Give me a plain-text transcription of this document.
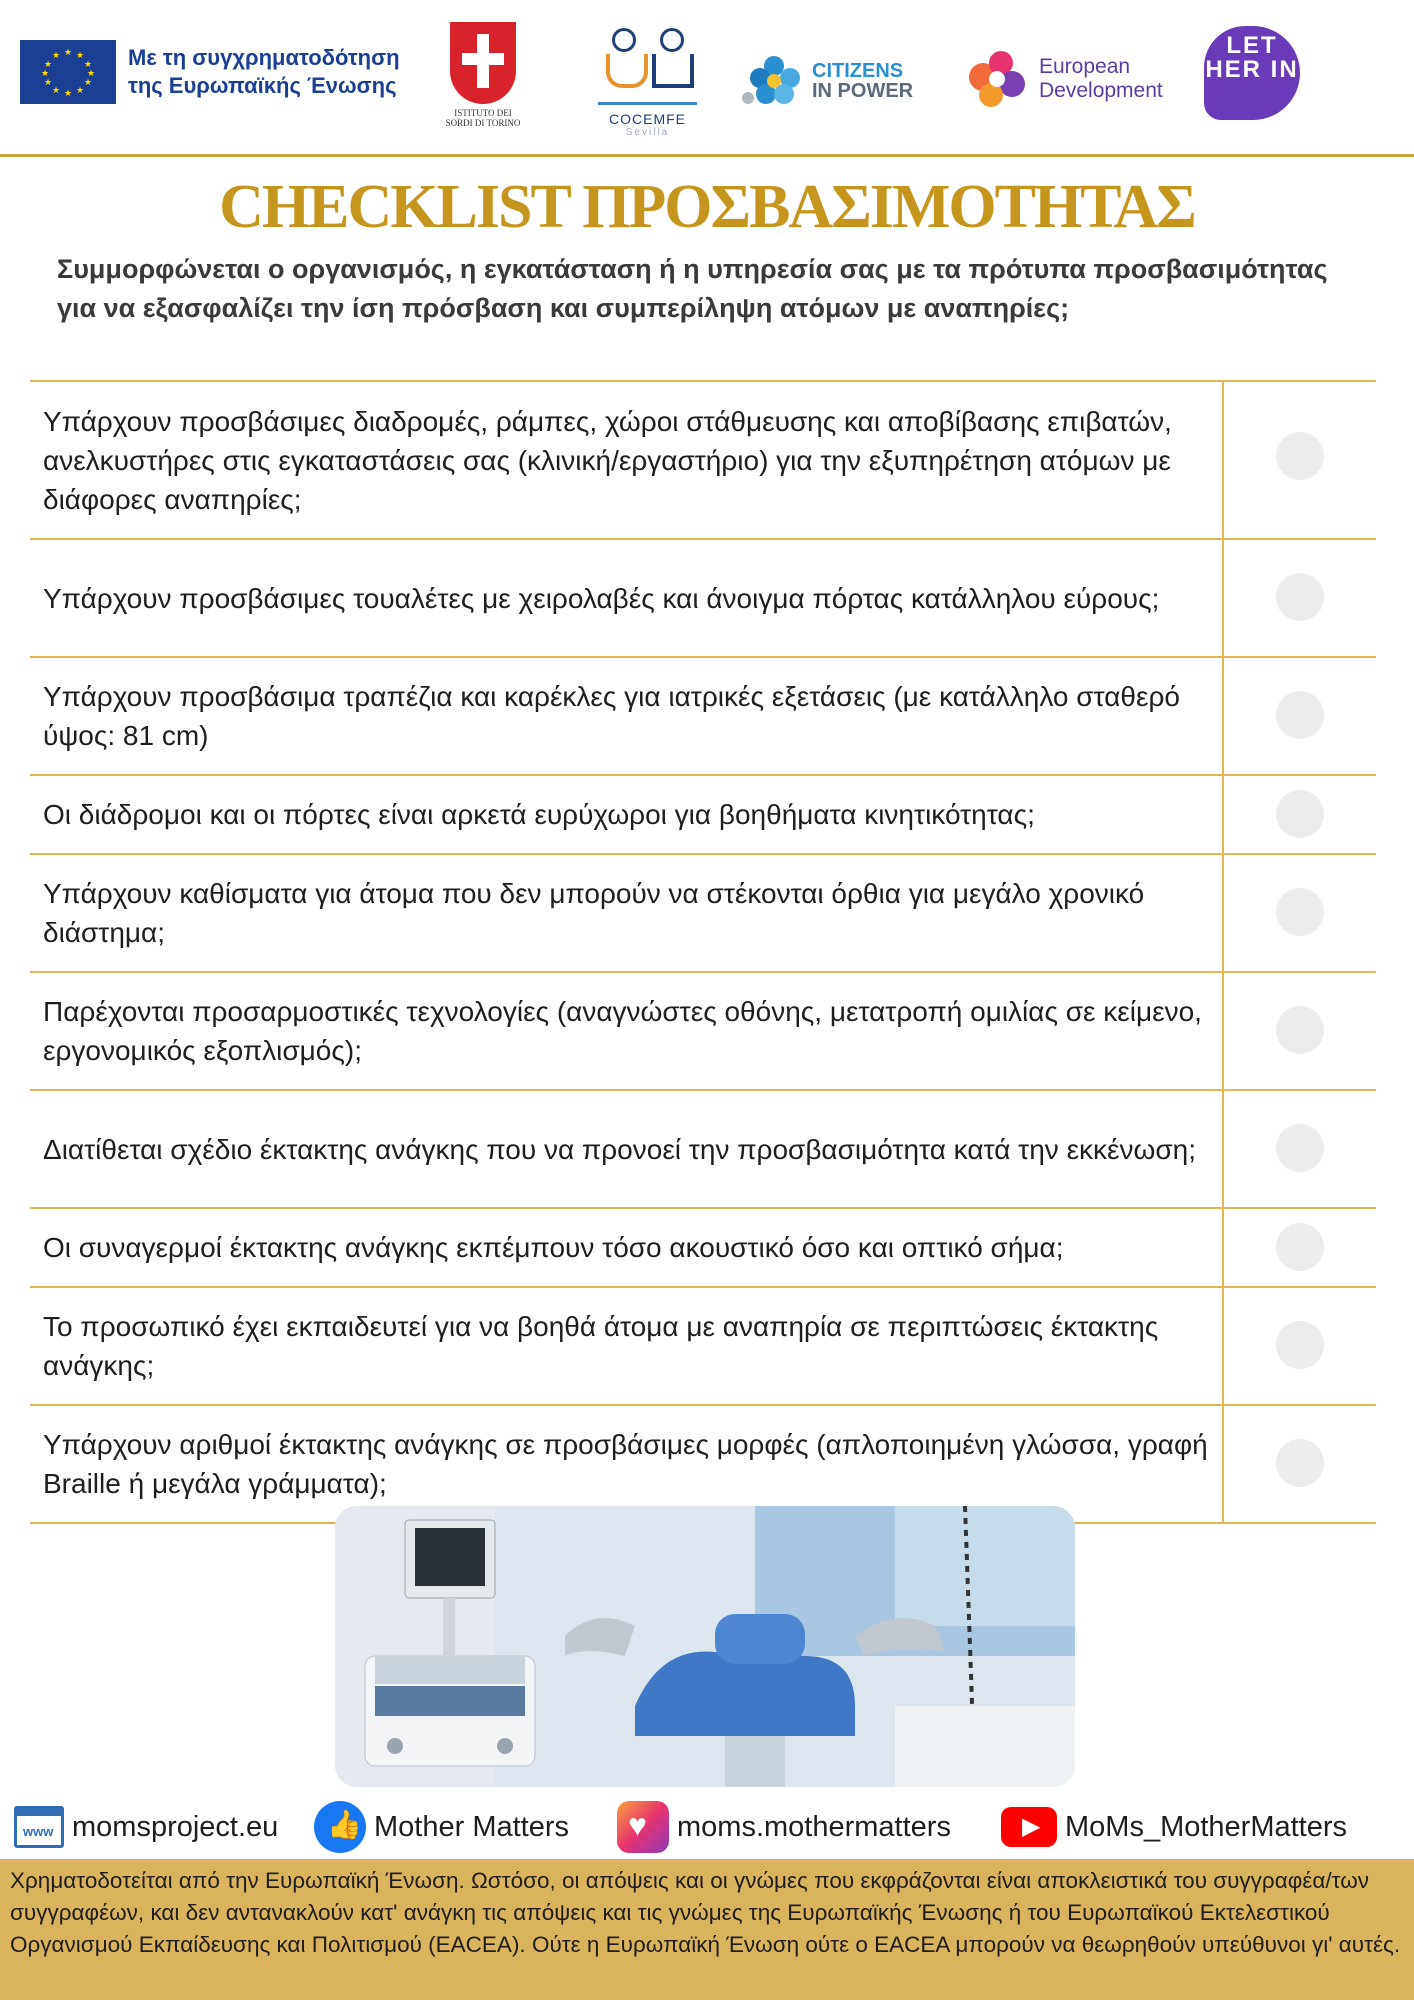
★ ★
★
★
★
★
★
★
★
★
★
★	Με τη συγχρηματοδότηση της Ευρωπαϊκής Ένωσης
ISTITUTO DEI SORDI DI TORINO	COCEMFE
Sevilla
CITIZENS
IN POWER
European
Development
LET HER IN
CHECKLIST ΠΡΟΣΒΑΣΙΜΟΤΗΤΑΣ
Συμμορφώνεται ο οργανισμός, η εγκατάσταση ή η υπηρεσία σας με τα πρότυπα προσβασιμότητας για να εξασφαλίζει την ίση πρόσβαση και συμπερίληψη ατόμων με αναπηρίες;
Υπάρχουν προσβάσιμες διαδρομές, ράμπες, χώροι στάθμευσης και αποβίβασης επιβατών, ανελκυστήρες στις εγκαταστάσεις σας (κλινική/εργαστήριο) για την εξυπηρέτηση ατόμων με διάφορες αναπηρίες;
Υπάρχουν προσβάσιμες τουαλέτες με χειρολαβές και άνοιγμα πόρτας κατάλληλου εύρους;
Υπάρχουν προσβάσιμα τραπέζια και καρέκλες για ιατρικές εξετάσεις (με κατάλληλο σταθερό ύψος: 81 cm)
Οι διάδρομοι και οι πόρτες είναι αρκετά ευρύχωροι για βοηθήματα κινητικότητας;
Υπάρχουν καθίσματα για άτομα που δεν μπορούν να στέκονται όρθια για μεγάλο χρονικό διάστημα;
Παρέχονται προσαρμοστικές τεχνολογίες (αναγνώστες οθόνης, μετατροπή ομιλίας σε κείμενο, εργονομικός εξοπλισμός);
Διατίθεται σχέδιο έκτακτης ανάγκης που να προνοεί την προσβασιμότητα κατά την εκκένωση;
Οι συναγερμοί έκτακτης ανάγκης εκπέμπουν τόσο ακουστικό όσο και οπτικό σήμα;
Το προσωπικό έχει εκπαιδευτεί για να βοηθά άτομα με αναπηρία σε περιπτώσεις έκτακτης ανάγκης;
Υπάρχουν αριθμοί έκτακτης ανάγκης σε προσβάσιμες μορφές (απλοποιημένη γλώσσα, γραφή Braille ή μεγάλα γράμματα);
www momsproject.eu 👍 Mother Matters ♥ moms.mothermatters	▶ MoMs_MotherMatters
Χρηματοδοτείται από την Ευρωπαϊκή Ένωση. Ωστόσο, οι απόψεις και οι γνώμες που εκφράζονται είναι αποκλειστικά του συγγραφέα/των συγγραφέων, και δεν αντανακλούν κατ' ανάγκη τις απόψεις και τις γνώμες της Ευρωπαϊκής Ένωσης ή του Ευρωπαϊκού Εκτελεστικού Οργανισμού Εκπαίδευσης και Πολιτισμού (EACEA). Ούτε η Ευρωπαϊκή Ένωση ούτε ο EACEA μπορούν να θεωρηθούν υπεύθυνοι γι' αυτές.
